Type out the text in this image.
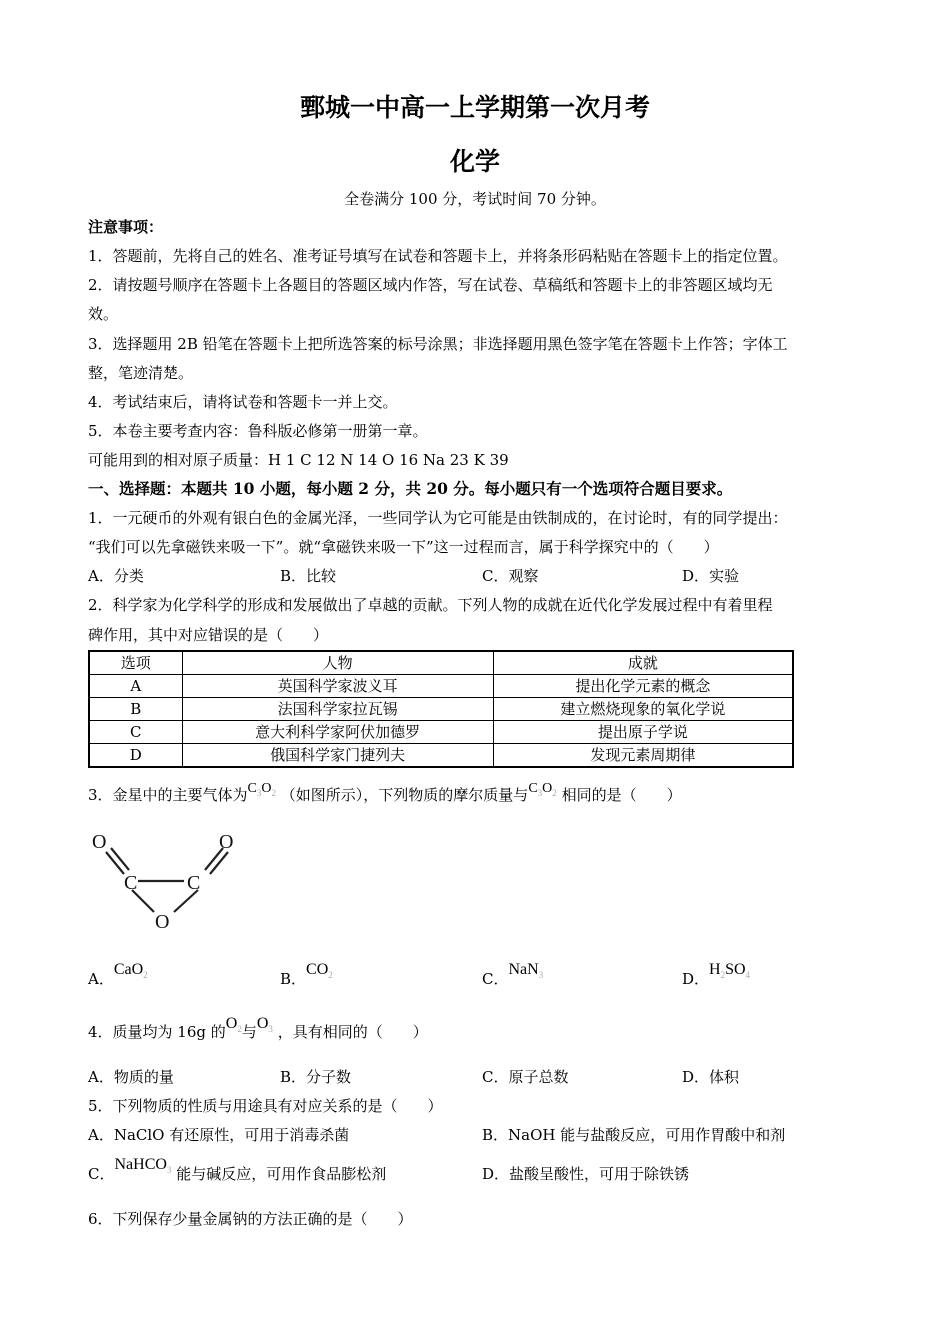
鄄城一中高一上学期第一次月考
化学
全卷满分 100 分，考试时间 70 分钟。
注意事项：
1．答题前，先将自己的姓名、准考证号填写在试卷和答题卡上，并将条形码粘贴在答题卡上的指定位置。
2．请按题号顺序在答题卡上各题目的答题区域内作答，写在试卷、草稿纸和答题卡上的非答题区域均无
效。
3．选择题用 2B 铅笔在答题卡上把所选答案的标号涂黑；非选择题用黑色签字笔在答题卡上作答；字体工
整，笔迹清楚。
4．考试结束后，请将试卷和答题卡一并上交。
5．本卷主要考查内容：鲁科版必修第一册第一章。
可能用到的相对原子质量：H 1 C 12 N 14 O 16 Na 23 K 39
一、选择题：本题共 10 小题，每小题 2 分，共 20 分。每小题只有一个选项符合题目要求。
1．一元硬币的外观有银白色的金属光泽，一些同学认为它可能是由铁制成的，在讨论时，有的同学提出：
“我们可以先拿磁铁来吸一下”。就“拿磁铁来吸一下”这一过程而言，属于科学探究中的（　　）
A．分类	B．比较	C．观察	D．实验
2．科学家为化学科学的形成和发展做出了卓越的贡献。下列人物的成就在近代化学发展过程中有着里程
碑作用，其中对应错误的是（　　）
选项	人物	成就
A	英国科学家波义耳	提出化学元素的概念
B	法国科学家拉瓦锡	建立燃烧现象的氧化学说
C	意大利科学家阿伏加德罗	提出原子学说
D	俄国科学家门捷列夫	发现元素周期律
3．金星中的主要气体为$C_3O_2$ （如图所示），下列物质的摩尔质量与$C_3O_2$ 相同的是（　　）
O
C C
O
O
A．CaO$_2$	B．$CO_2$	C．NaN$_3$	D．$H_2SO_4$
4．质量均为 16g 的$O_2$与$O_3$ ，具有相同的（　　）
A．物质的量	B．分子数	C．原子总数	D．体积
5．下列物质的性质与用途具有对应关系的是（　　）
A．NaClO 有还原性，可用于消毒杀菌	B．NaOH 能与盐酸反应，可用作胃酸中和剂
C．NaHCO$_3$ 能与碱反应，可用作食品膨松剂	D．盐酸呈酸性，可用于除铁锈
6．下列保存少量金属钠的方法正确的是（　　）
